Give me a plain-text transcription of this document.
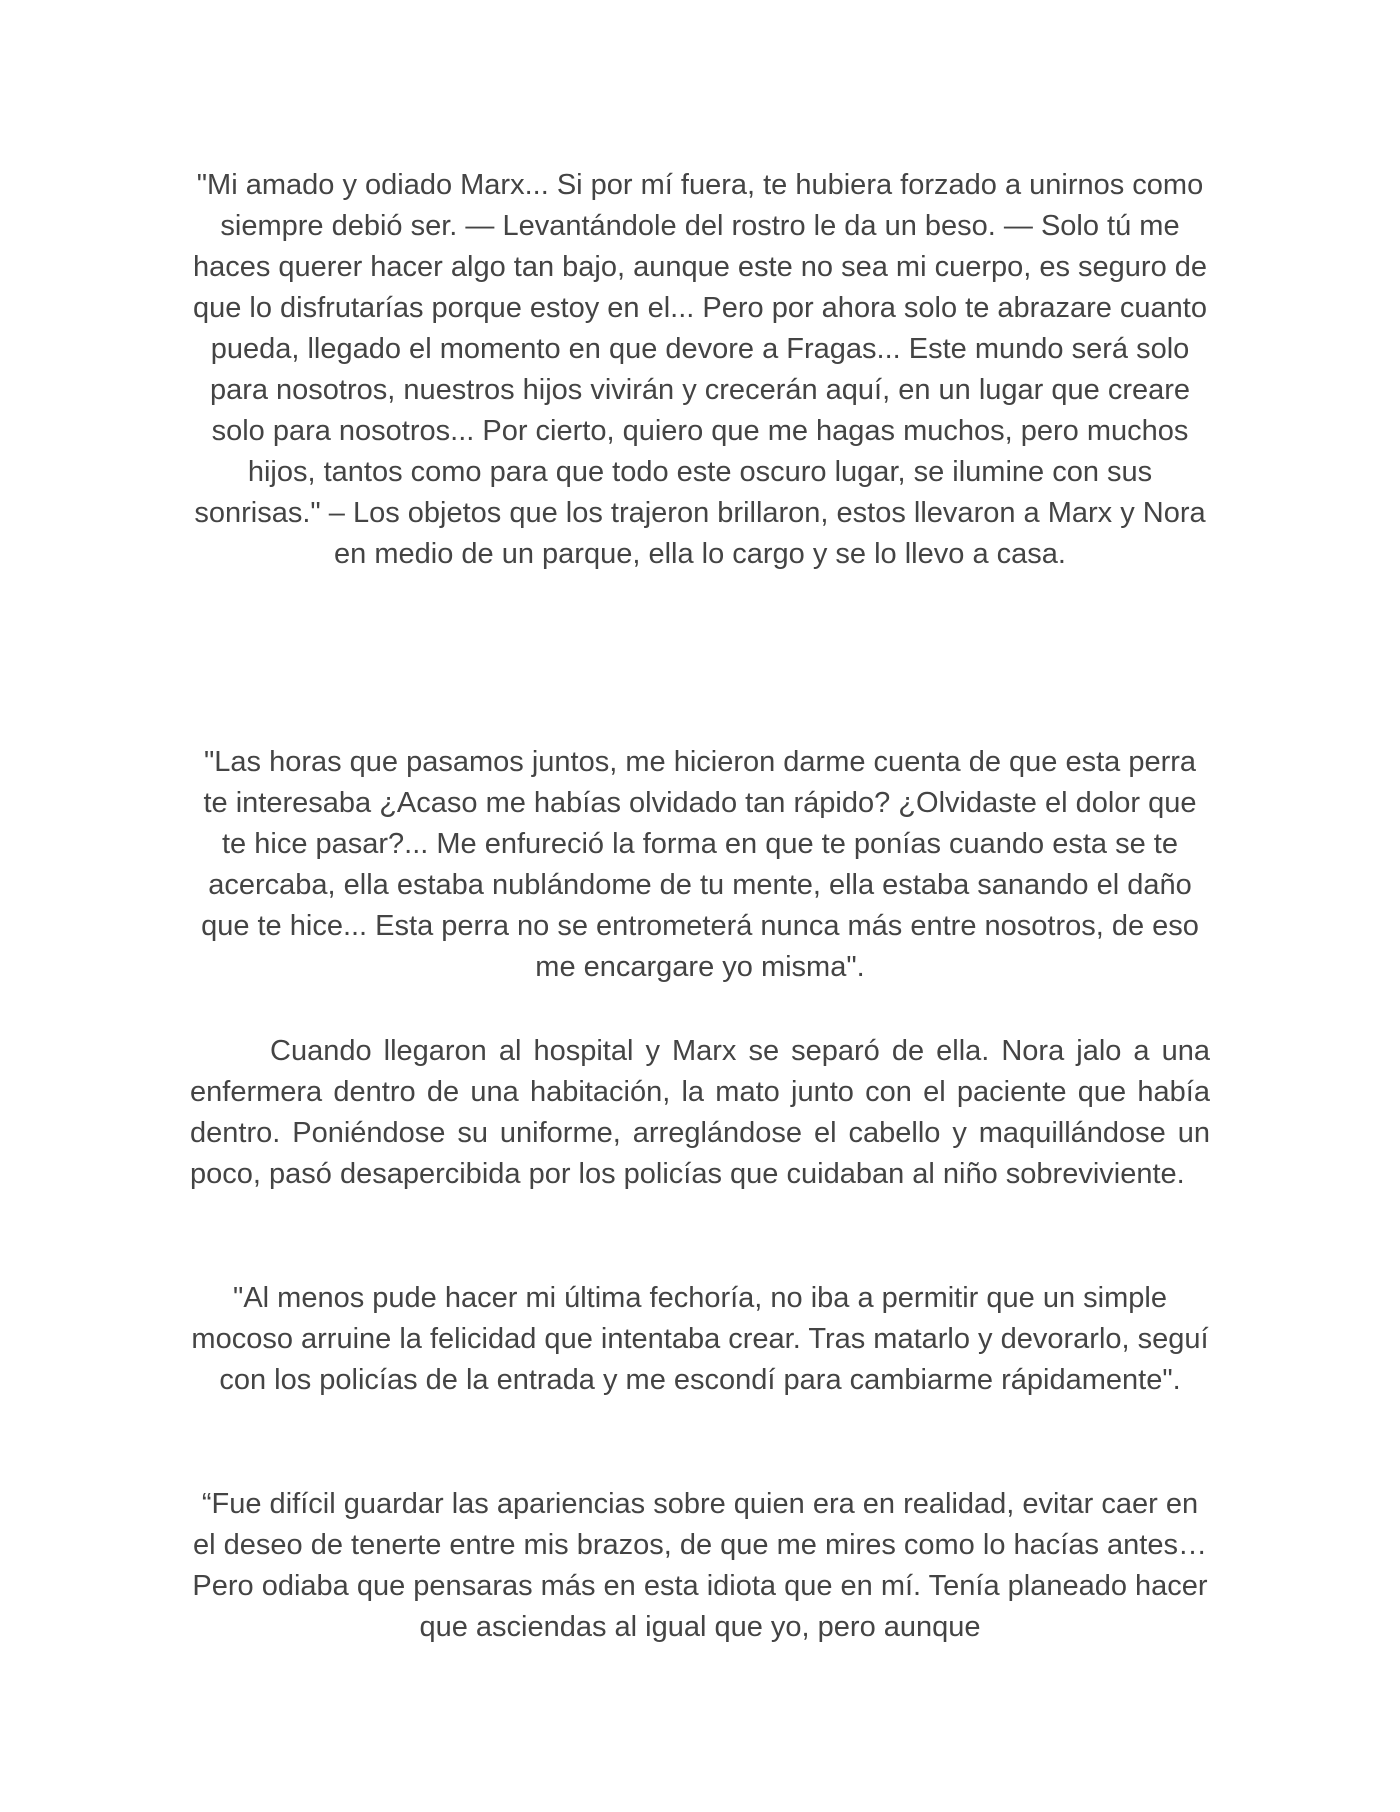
"Mi amado y odiado Marx... Si por mí fuera, te hubiera forzado a unirnos como siempre debió ser. — Levantándole del rostro le da un beso. — Solo tú me haces querer hacer algo tan bajo, aunque este no sea mi cuerpo, es seguro de que lo disfrutarías porque estoy en el... Pero por ahora solo te abrazare cuanto pueda, llegado el momento en que devore a Fragas... Este mundo será solo para nosotros, nuestros hijos vivirán y crecerán aquí, en un lugar que creare solo para nosotros... Por cierto, quiero que me hagas muchos, pero muchos hijos, tantos como para que todo este oscuro lugar, se ilumine con sus sonrisas." – Los objetos que los trajeron brillaron, estos llevaron a Marx y Nora en medio de un parque, ella lo cargo y se lo llevo a casa.

"Las horas que pasamos juntos, me hicieron darme cuenta de que esta perra te interesaba ¿Acaso me habías olvidado tan rápido? ¿Olvidaste el dolor que te hice pasar?... Me enfureció la forma en que te ponías cuando esta se te acercaba, ella estaba nublándome de tu mente, ella estaba sanando el daño que te hice... Esta perra no se entrometerá nunca más entre nosotros, de eso me encargare yo misma".

Cuando llegaron al hospital y Marx se separó de ella. Nora jalo a una enfermera dentro de una habitación, la mato junto con el paciente que había dentro. Poniéndose su uniforme, arreglándose el cabello y maquillándose un poco, pasó desapercibida por los policías que cuidaban al niño sobreviviente.

"Al menos pude hacer mi última fechoría, no iba a permitir que un simple mocoso arruine la felicidad que intentaba crear. Tras matarlo y devorarlo, seguí con los policías de la entrada y me escondí para cambiarme rápidamente".

“Fue difícil guardar las apariencias sobre quien era en realidad, evitar caer en el deseo de tenerte entre mis brazos, de que me mires como lo hacías antes… Pero odiaba que pensaras más en esta idiota que en mí. Tenía planeado hacer que asciendas al igual que yo, pero aunque
